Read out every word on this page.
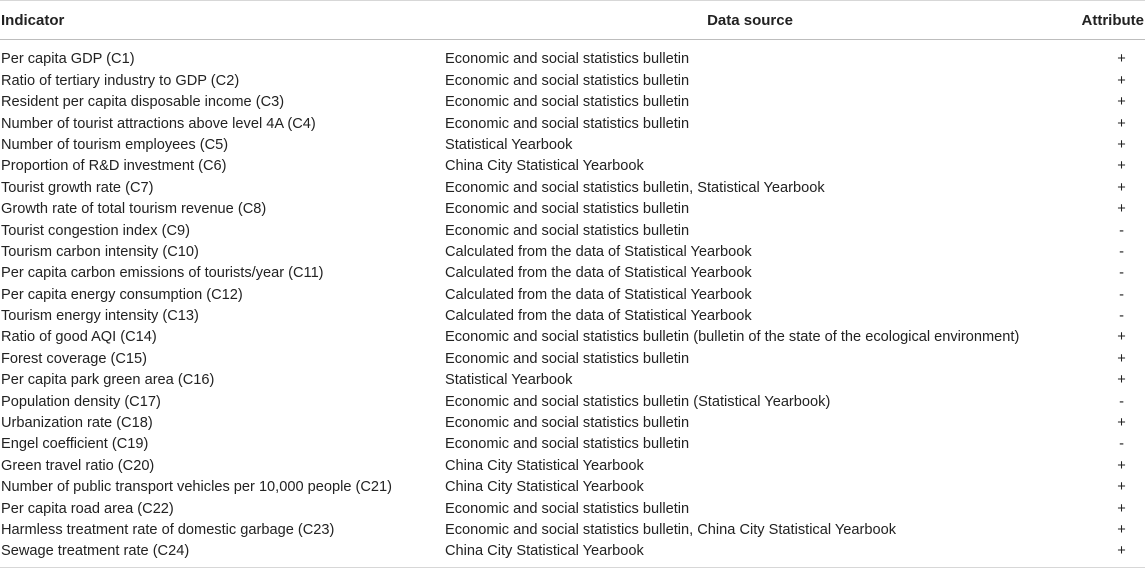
Indicator	Data source	Attribute
Per capita GDP (C1)	Economic and social statistics bulletin	+
Ratio of tertiary industry to GDP (C2)	Economic and social statistics bulletin	+
Resident per capita disposable income (C3)	Economic and social statistics bulletin	+
Number of tourist attractions above level 4A (C4)	Economic and social statistics bulletin	+
Number of tourism employees (C5)	Statistical Yearbook	+
Proportion of R&D investment (C6)	China City Statistical Yearbook	+
Tourist growth rate (C7)	Economic and social statistics bulletin, Statistical Yearbook	+
Growth rate of total tourism revenue (C8)	Economic and social statistics bulletin	+
Tourist congestion index (C9)	Economic and social statistics bulletin	-
Tourism carbon intensity (C10)	Calculated from the data of Statistical Yearbook	-
Per capita carbon emissions of tourists/year (C11)	Calculated from the data of Statistical Yearbook	-
Per capita energy consumption (C12)	Calculated from the data of Statistical Yearbook	-
Tourism energy intensity (C13)	Calculated from the data of Statistical Yearbook	-
Ratio of good AQI (C14)	Economic and social statistics bulletin (bulletin of the state of the ecological environment)	+
Forest coverage (C15)	Economic and social statistics bulletin	+
Per capita park green area (C16)	Statistical Yearbook	+
Population density (C17)	Economic and social statistics bulletin (Statistical Yearbook)	-
Urbanization rate (C18)	Economic and social statistics bulletin	+
Engel coefficient (C19)	Economic and social statistics bulletin	-
Green travel ratio (C20)	China City Statistical Yearbook	+
Number of public transport vehicles per 10,000 people (C21)	China City Statistical Yearbook	+
Per capita road area (C22)	Economic and social statistics bulletin	+
Harmless treatment rate of domestic garbage (C23)	Economic and social statistics bulletin, China City Statistical Yearbook	+
Sewage treatment rate (C24)	China City Statistical Yearbook	+
